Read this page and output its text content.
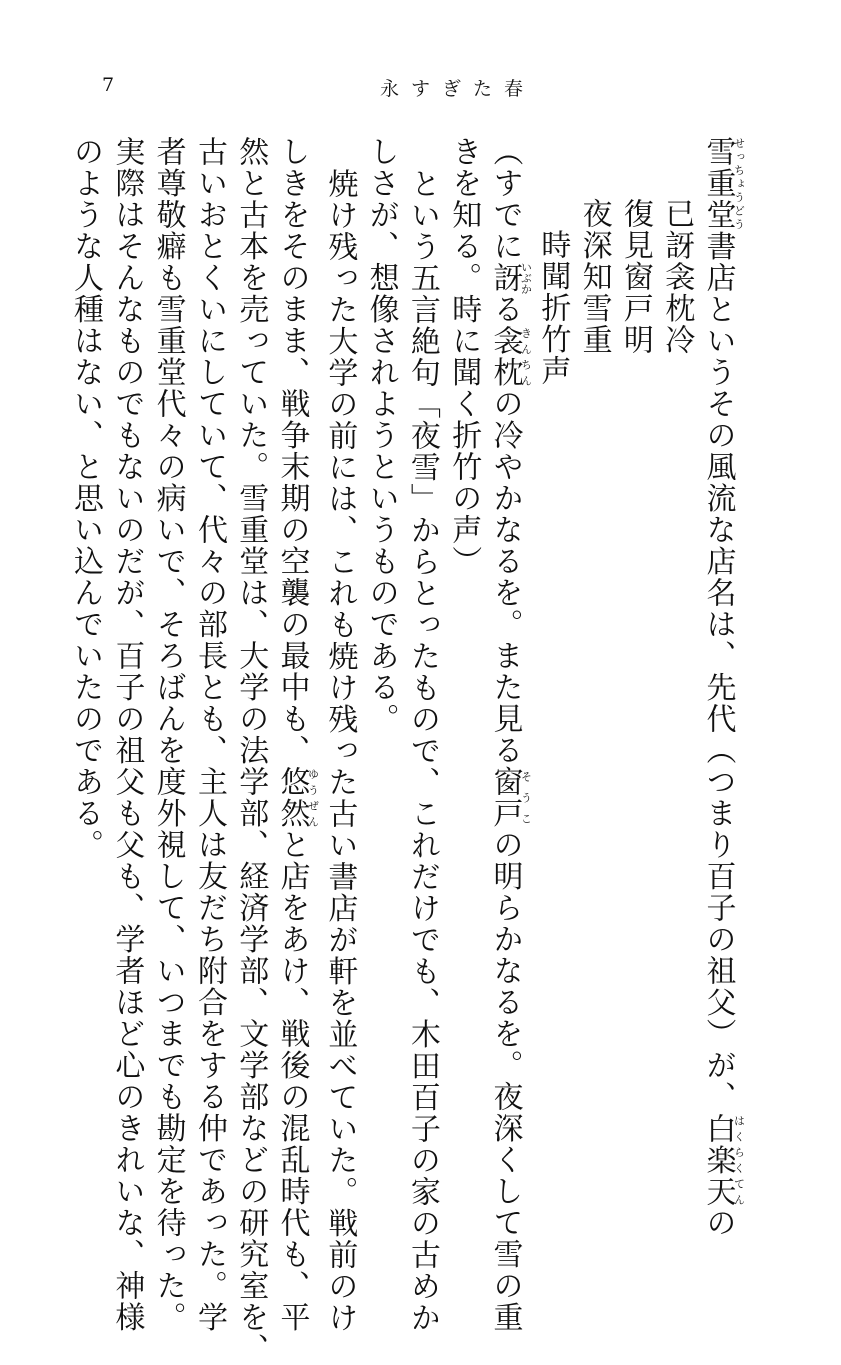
7	永すぎた春
雪重堂せっちょうどう書店というその風流な店名は、先代（つまり百子の祖父）が、白楽天はくらくてんの
已訝衾枕冷
復見窗戸明
夜深知雪重
時聞折竹声
（すでに訝いぶかる衾枕きんちんの冷やかなるを。また見る窗戸そうこの明らかなるを。夜深くして雪の重
きを知る。時に聞く折竹の声）
という五言絶句「夜雪」からとったもので、これだけでも、木田百子の家の古めか
しさが、想像されようというものである。
焼け残った大学の前には、これも焼け残った古い書店が軒を並べていた。戦前のけ
しきをそのまま、戦争末期の空襲の最中も、悠然ゆうぜんと店をあけ、戦後の混乱時代も、平
然と古本を売っていた。雪重堂は、大学の法学部、経済学部、文学部などの研究室を、
古いおとくいにしていて、代々の部長とも、主人は友だち附合をする仲であった。学
者尊敬癖も雪重堂代々の病いで、そろばんを度外視して、いつまでも勘定を待った。
実際はそんなものでもないのだが、百子の祖父も父も、学者ほど心のきれいな、神様
のような人種はない、と思い込んでいたのである。
